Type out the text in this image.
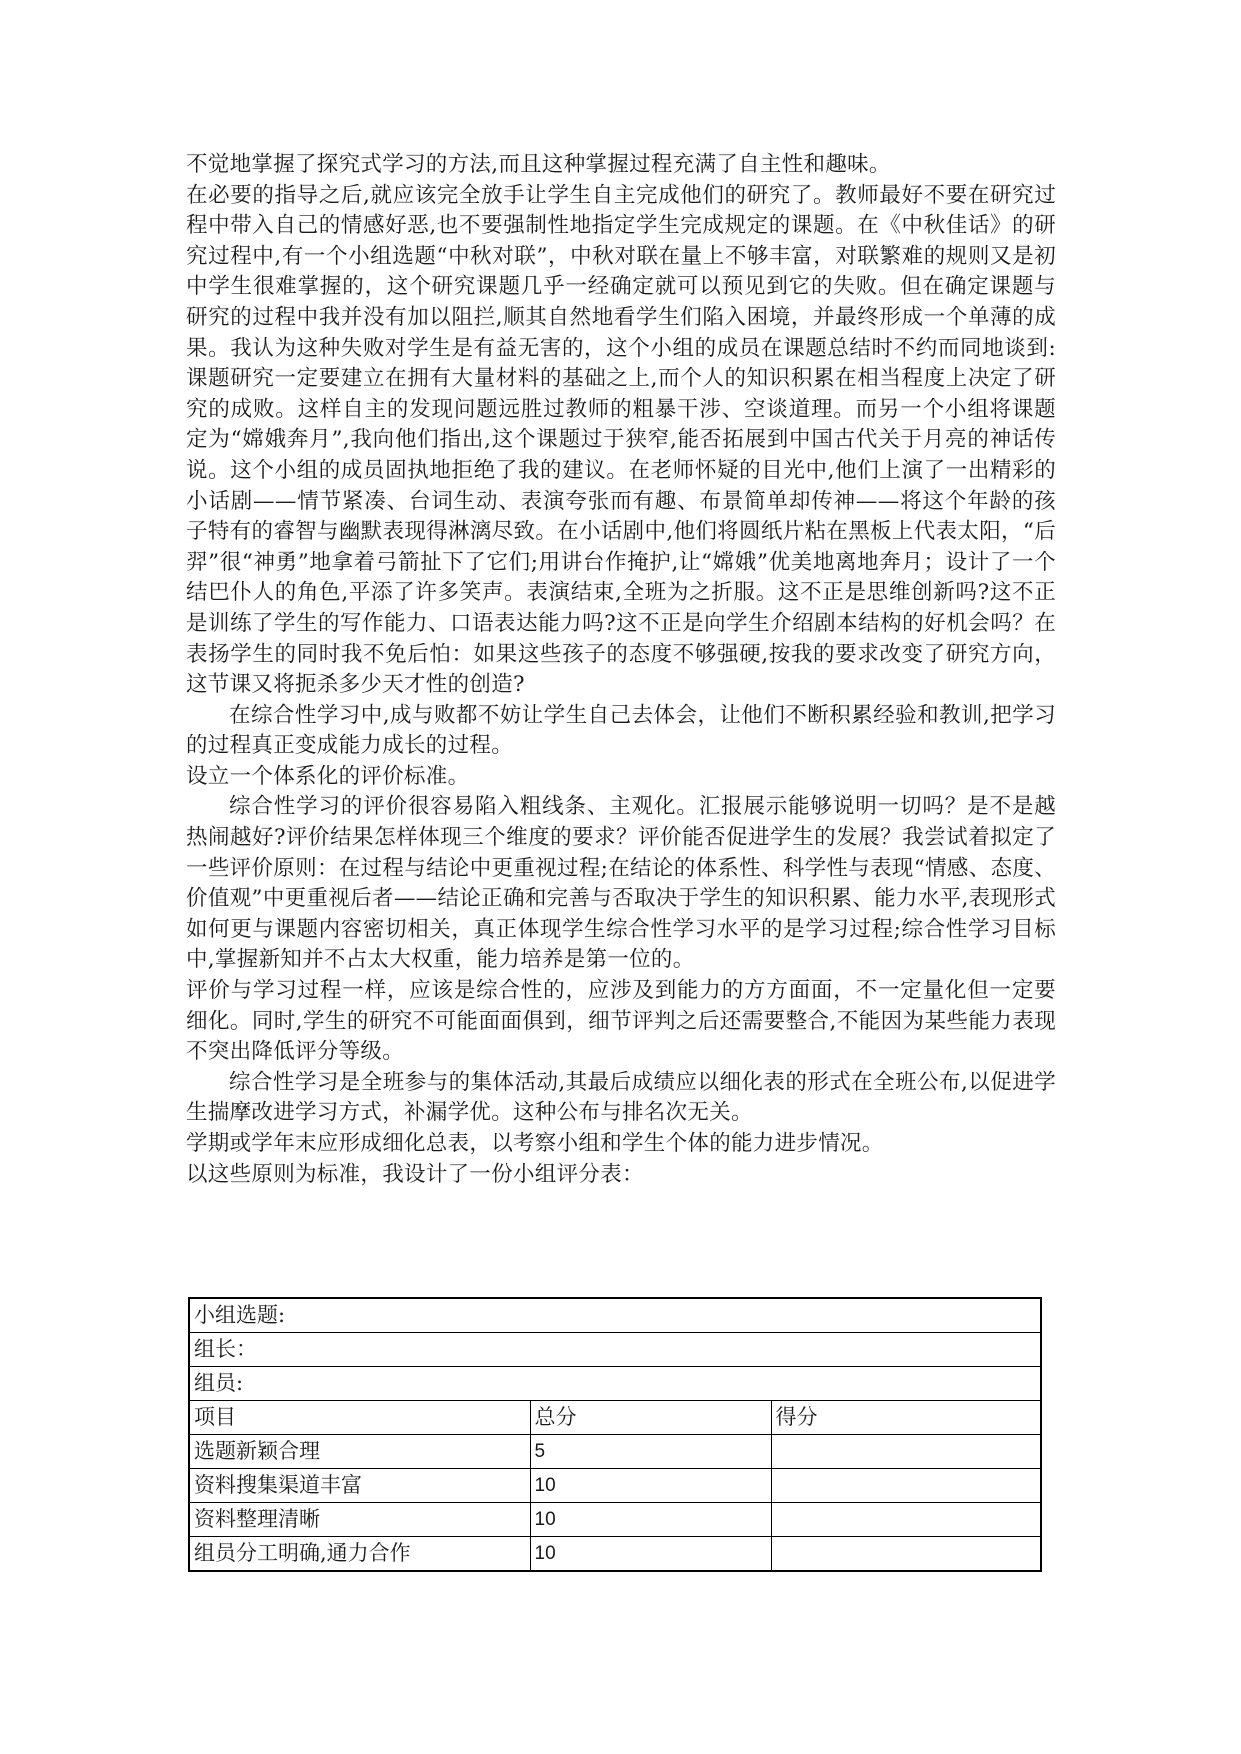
不觉地掌握了探究式学习的方法,而且这种掌握过程充满了自主性和趣味。

在必要的指导之后,就应该完全放手让学生自主完成他们的研究了。教师最好不要在研究过程中带入自己的情感好恶,也不要强制性地指定学生完成规定的课题。在《中秋佳话》的研究过程中,有一个小组选题“中秋对联”，中秋对联在量上不够丰富，对联繁难的规则又是初中学生很难掌握的，这个研究课题几乎一经确定就可以预见到它的失败。但在确定课题与研究的过程中我并没有加以阻拦,顺其自然地看学生们陷入困境，并最终形成一个单薄的成果。我认为这种失败对学生是有益无害的，这个小组的成员在课题总结时不约而同地谈到:课题研究一定要建立在拥有大量材料的基础之上,而个人的知识积累在相当程度上决定了研究的成败。这样自主的发现问题远胜过教师的粗暴干涉、空谈道理。而另一个小组将课题定为“嫦娥奔月”,我向他们指出,这个课题过于狭窄,能否拓展到中国古代关于月亮的神话传说。这个小组的成员固执地拒绝了我的建议。在老师怀疑的目光中,他们上演了一出精彩的小话剧——情节紧凑、台词生动、表演夸张而有趣、布景简单却传神——将这个年龄的孩子特有的睿智与幽默表现得淋漓尽致。在小话剧中,他们将圆纸片粘在黑板上代表太阳，“后羿”很“神勇”地拿着弓箭扯下了它们;用讲台作掩护,让“嫦娥”优美地离地奔月；设计了一个结巴仆人的角色,平添了许多笑声。表演结束,全班为之折服。这不正是思维创新吗?这不正是训练了学生的写作能力、口语表达能力吗?这不正是向学生介绍剧本结构的好机会吗？在表扬学生的同时我不免后怕：如果这些孩子的态度不够强硬,按我的要求改变了研究方向，这节课又将扼杀多少天才性的创造?

在综合性学习中,成与败都不妨让学生自己去体会，让他们不断积累经验和教训,把学习的过程真正变成能力成长的过程。

设立一个体系化的评价标准。

综合性学习的评价很容易陷入粗线条、主观化。汇报展示能够说明一切吗？是不是越热闹越好?评价结果怎样体现三个维度的要求？评价能否促进学生的发展？我尝试着拟定了一些评价原则：在过程与结论中更重视过程;在结论的体系性、科学性与表现“情感、态度、价值观”中更重视后者——结论正确和完善与否取决于学生的知识积累、能力水平,表现形式如何更与课题内容密切相关，真正体现学生综合性学习水平的是学习过程;综合性学习目标中,掌握新知并不占太大权重，能力培养是第一位的。

评价与学习过程一样，应该是综合性的，应涉及到能力的方方面面，不一定量化但一定要细化。同时,学生的研究不可能面面俱到，细节评判之后还需要整合,不能因为某些能力表现不突出降低评分等级。

综合性学习是全班参与的集体活动,其最后成绩应以细化表的形式在全班公布,以促进学生揣摩改进学习方式，补漏学优。这种公布与排名次无关。

学期或学年末应形成细化总表，以考察小组和学生个体的能力进步情况。

以这些原则为标准，我设计了一份小组评分表：

小组选题:		
组长：		
组员:		
项目	总分	得分
选题新颖合理	5	
资料搜集渠道丰富	10	
资料整理清晰	10	
组员分工明确,通力合作	10	
